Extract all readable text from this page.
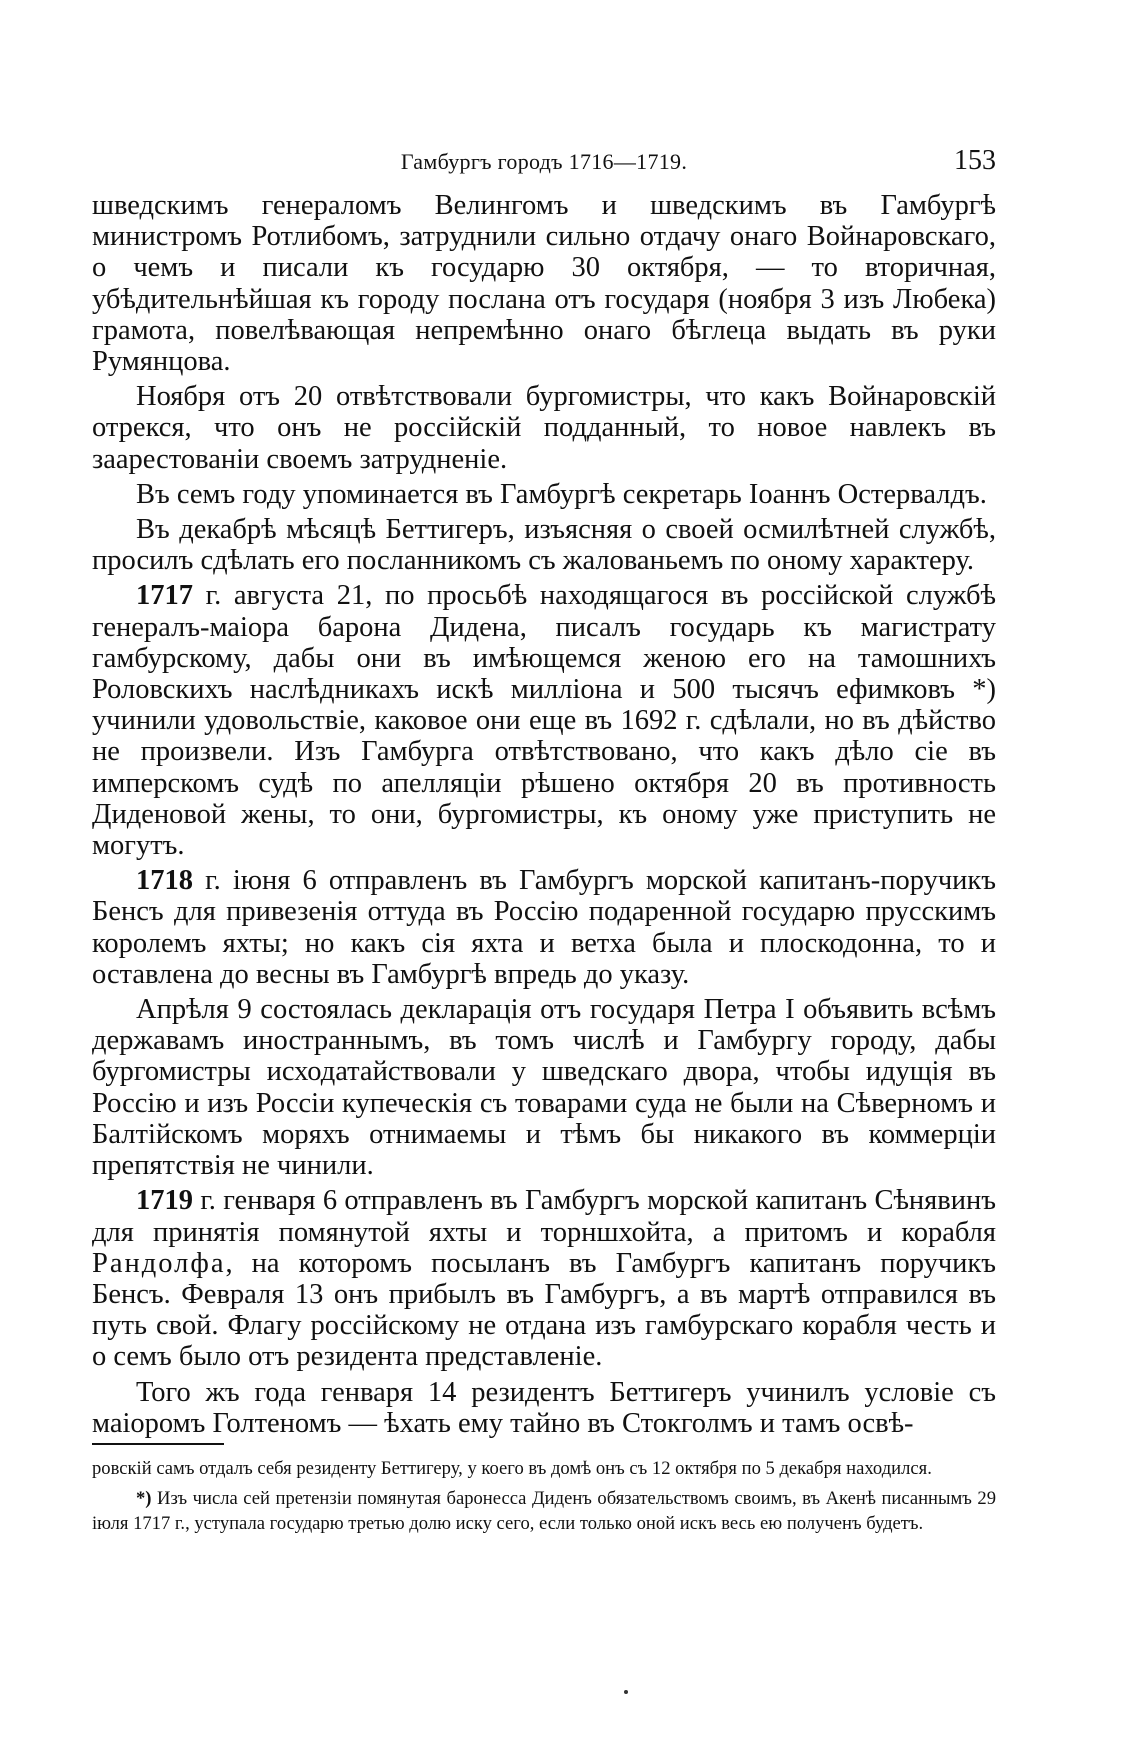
Гамбургъ городъ 1716—1719.	153

шведскимъ генераломъ Велингомъ и шведскимъ въ Гамбургѣ министромъ Ротлибомъ, затруднили сильно отдачу онаго Войнаровскаго, о чемъ и писали къ государю 30 октября, — то вторичная, убѣдительнѣйшая къ городу послана отъ государя (ноября 3 изъ Любека) грамота, повелѣвающая непремѣнно онаго бѣглеца выдать въ руки Румянцова.

Ноября отъ 20 отвѣтствовали бургомистры, что какъ Войнаровскій отрекся, что онъ не россійскій подданный, то новое навлекъ въ заарестованіи своемъ затрудненіе.

Въ семъ году упоминается въ Гамбургѣ секретарь Іоаннъ Остервалдъ.

Въ декабрѣ мѣсяцѣ Беттигеръ, изъясняя о своей осмилѣтней службѣ, просилъ сдѣлать его посланникомъ съ жалованьемъ по оному характеру.

1717 г. августа 21, по просьбѣ находящагося въ россійской службѣ генералъ-маіора барона Дидена, писалъ государь къ магистрату гамбурскому, дабы они въ имѣющемся женою его на тамошнихъ Роловскихъ наслѣдникахъ искѣ милліона и 500 тысячъ ефимковъ *) учинили удовольствіе, каковое они еще въ 1692 г. сдѣлали, но въ дѣйство не произвели. Изъ Гамбурга отвѣтствовано, что какъ дѣло сіе въ имперскомъ судѣ по апелляціи рѣшено октября 20 въ противность Диденовой жены, то они, бургомистры, къ оному уже приступить не могутъ.

1718 г. іюня 6 отправленъ въ Гамбургъ морской капитанъ-поручикъ Бенсъ для привезенія оттуда въ Россію подаренной государю прусскимъ королемъ яхты; но какъ сія яхта и ветха была и плоскодонна, то и оставлена до весны въ Гамбургѣ впредь до указу.

Апрѣля 9 состоялась декларація отъ государя Петра I объявить всѣмъ державамъ иностраннымъ, въ томъ числѣ и Гамбургу городу, дабы бургомистры исходатайствовали у шведскаго двора, чтобы идущія въ Россію и изъ Россіи купеческія съ товарами суда не были на Сѣверномъ и Балтійскомъ моряхъ отнимаемы и тѣмъ бы никакого въ коммерціи препятствія не чинили.

1719 г. генваря 6 отправленъ въ Гамбургъ морской капитанъ Сѣнявинъ для принятія помянутой яхты и торншхойта, а притомъ и корабля Рандолфа, на которомъ посыланъ въ Гамбургъ капитанъ поручикъ Бенсъ. Февраля 13 онъ прибылъ въ Гамбургъ, а въ мартѣ отправился въ путь свой. Флагу россійскому не отдана изъ гамбурскаго корабля честь и о семъ было отъ резидента представленіе.

Того жъ года генваря 14 резидентъ Беттигеръ учинилъ условіе съ маіоромъ Голтеномъ — ѣхать ему тайно въ Стокголмъ и тамъ освѣ-

ровскій самъ отдалъ себя резиденту Беттигеру, у коего въ домѣ онъ съ 12 октября по 5 декабря находился.

*) Изъ числа сей претензіи помянутая баронесса Диденъ обязательствомъ своимъ, въ Акенѣ писаннымъ 29 іюля 1717 г., уступала государю третью долю иску сего, если только оной искъ весь ею полученъ будетъ.
